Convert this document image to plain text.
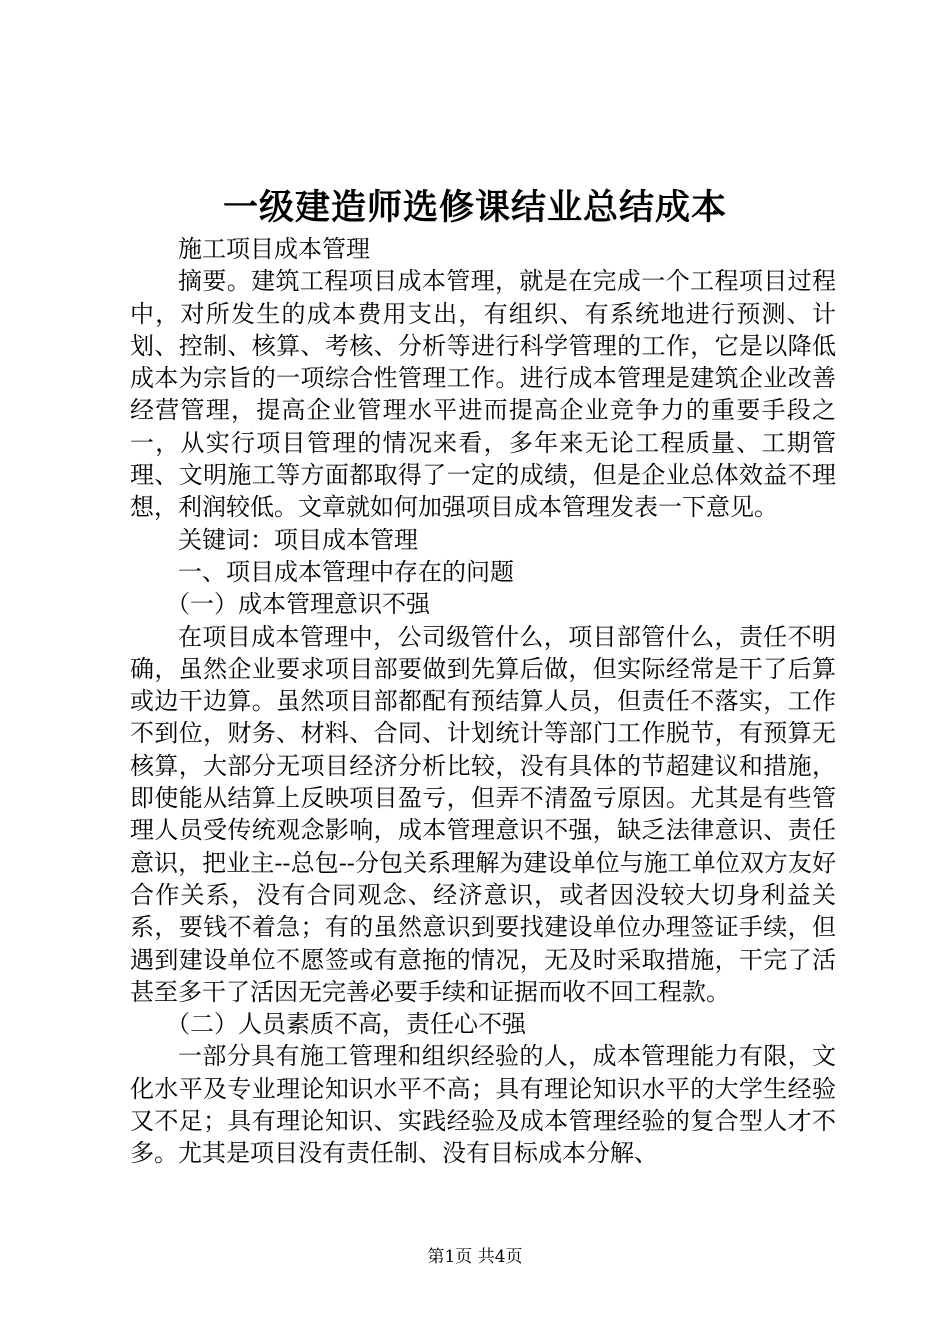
一级建造师选修课结业总结成本

施工项目成本管理

摘要。建筑工程项目成本管理，就是在完成一个工程项目过程中，对所发生的成本费用支出，有组织、有系统地进行预测、计划、控制、核算、考核、分析等进行科学管理的工作，它是以降低成本为宗旨的一项综合性管理工作。进行成本管理是建筑企业改善经营管理，提高企业管理水平进而提高企业竞争力的重要手段之一，从实行项目管理的情况来看，多年来无论工程质量、工期管理、文明施工等方面都取得了一定的成绩，但是企业总体效益不理想，利润较低。文章就如何加强项目成本管理发表一下意见。

关键词：项目成本管理

一、项目成本管理中存在的问题

（一）成本管理意识不强

在项目成本管理中，公司级管什么，项目部管什么，责任不明确，虽然企业要求项目部要做到先算后做，但实际经常是干了后算或边干边算。虽然项目部都配有预结算人员，但责任不落实，工作不到位，财务、材料、合同、计划统计等部门工作脱节，有预算无核算，大部分无项目经济分析比较，没有具体的节超建议和措施，即使能从结算上反映项目盈亏，但弄不清盈亏原因。尤其是有些管理人员受传统观念影响，成本管理意识不强，缺乏法律意识、责任意识，把业主--总包--分包关系理解为建设单位与施工单位双方友好合作关系，没有合同观念、经济意识，或者因没较大切身利益关系，要钱不着急；有的虽然意识到要找建设单位办理签证手续，但遇到建设单位不愿签或有意拖的情况，无及时采取措施，干完了活甚至多干了活因无完善必要手续和证据而收不回工程款。

（二）人员素质不高，责任心不强

一部分具有施工管理和组织经验的人，成本管理能力有限，文化水平及专业理论知识水平不高；具有理论知识水平的大学生经验又不足；具有理论知识、实践经验及成本管理经验的复合型人才不多。尤其是项目没有责任制、没有目标成本分解、

第1页 共4页
